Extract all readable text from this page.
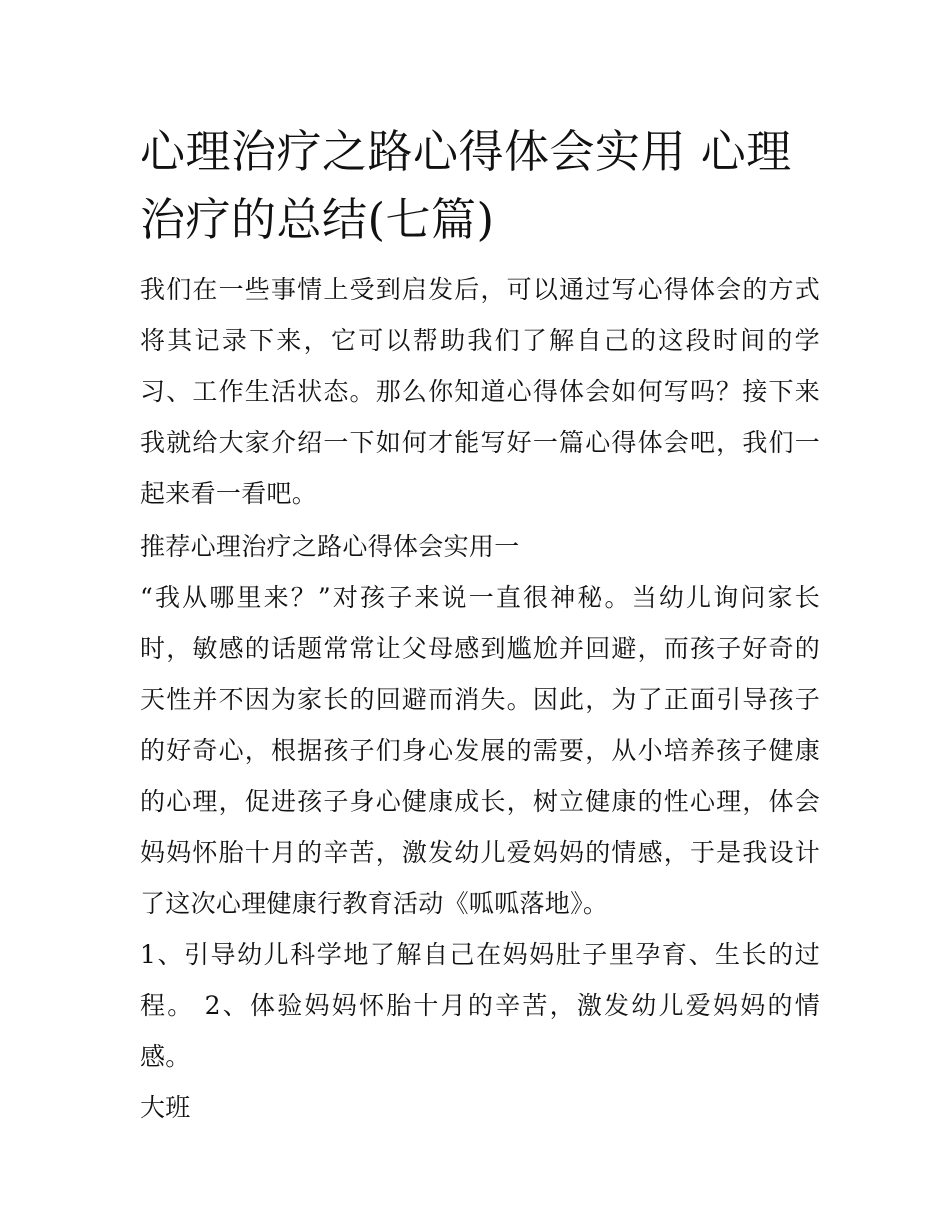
心理治疗之路心得体会实用 心理治疗的总结(七篇)

我们在一些事情上受到启发后，可以通过写心得体会的方式将其记录下来，它可以帮助我们了解自己的这段时间的学习、工作生活状态。那么你知道心得体会如何写吗？接下来我就给大家介绍一下如何才能写好一篇心得体会吧，我们一起来看一看吧。

推荐心理治疗之路心得体会实用一

“我从哪里来？”对孩子来说一直很神秘。当幼儿询问家长时，敏感的话题常常让父母感到尴尬并回避，而孩子好奇的天性并不因为家长的回避而消失。因此，为了正面引导孩子的好奇心，根据孩子们身心发展的需要，从小培养孩子健康的心理，促进孩子身心健康成长，树立健康的性心理，体会妈妈怀胎十月的辛苦，激发幼儿爱妈妈的情感，于是我设计了这次心理健康行教育活动《呱呱落地》。

1、引导幼儿科学地了解自己在妈妈肚子里孕育、生长的过程。 2、体验妈妈怀胎十月的辛苦，激发幼儿爱妈妈的情感。

大班
